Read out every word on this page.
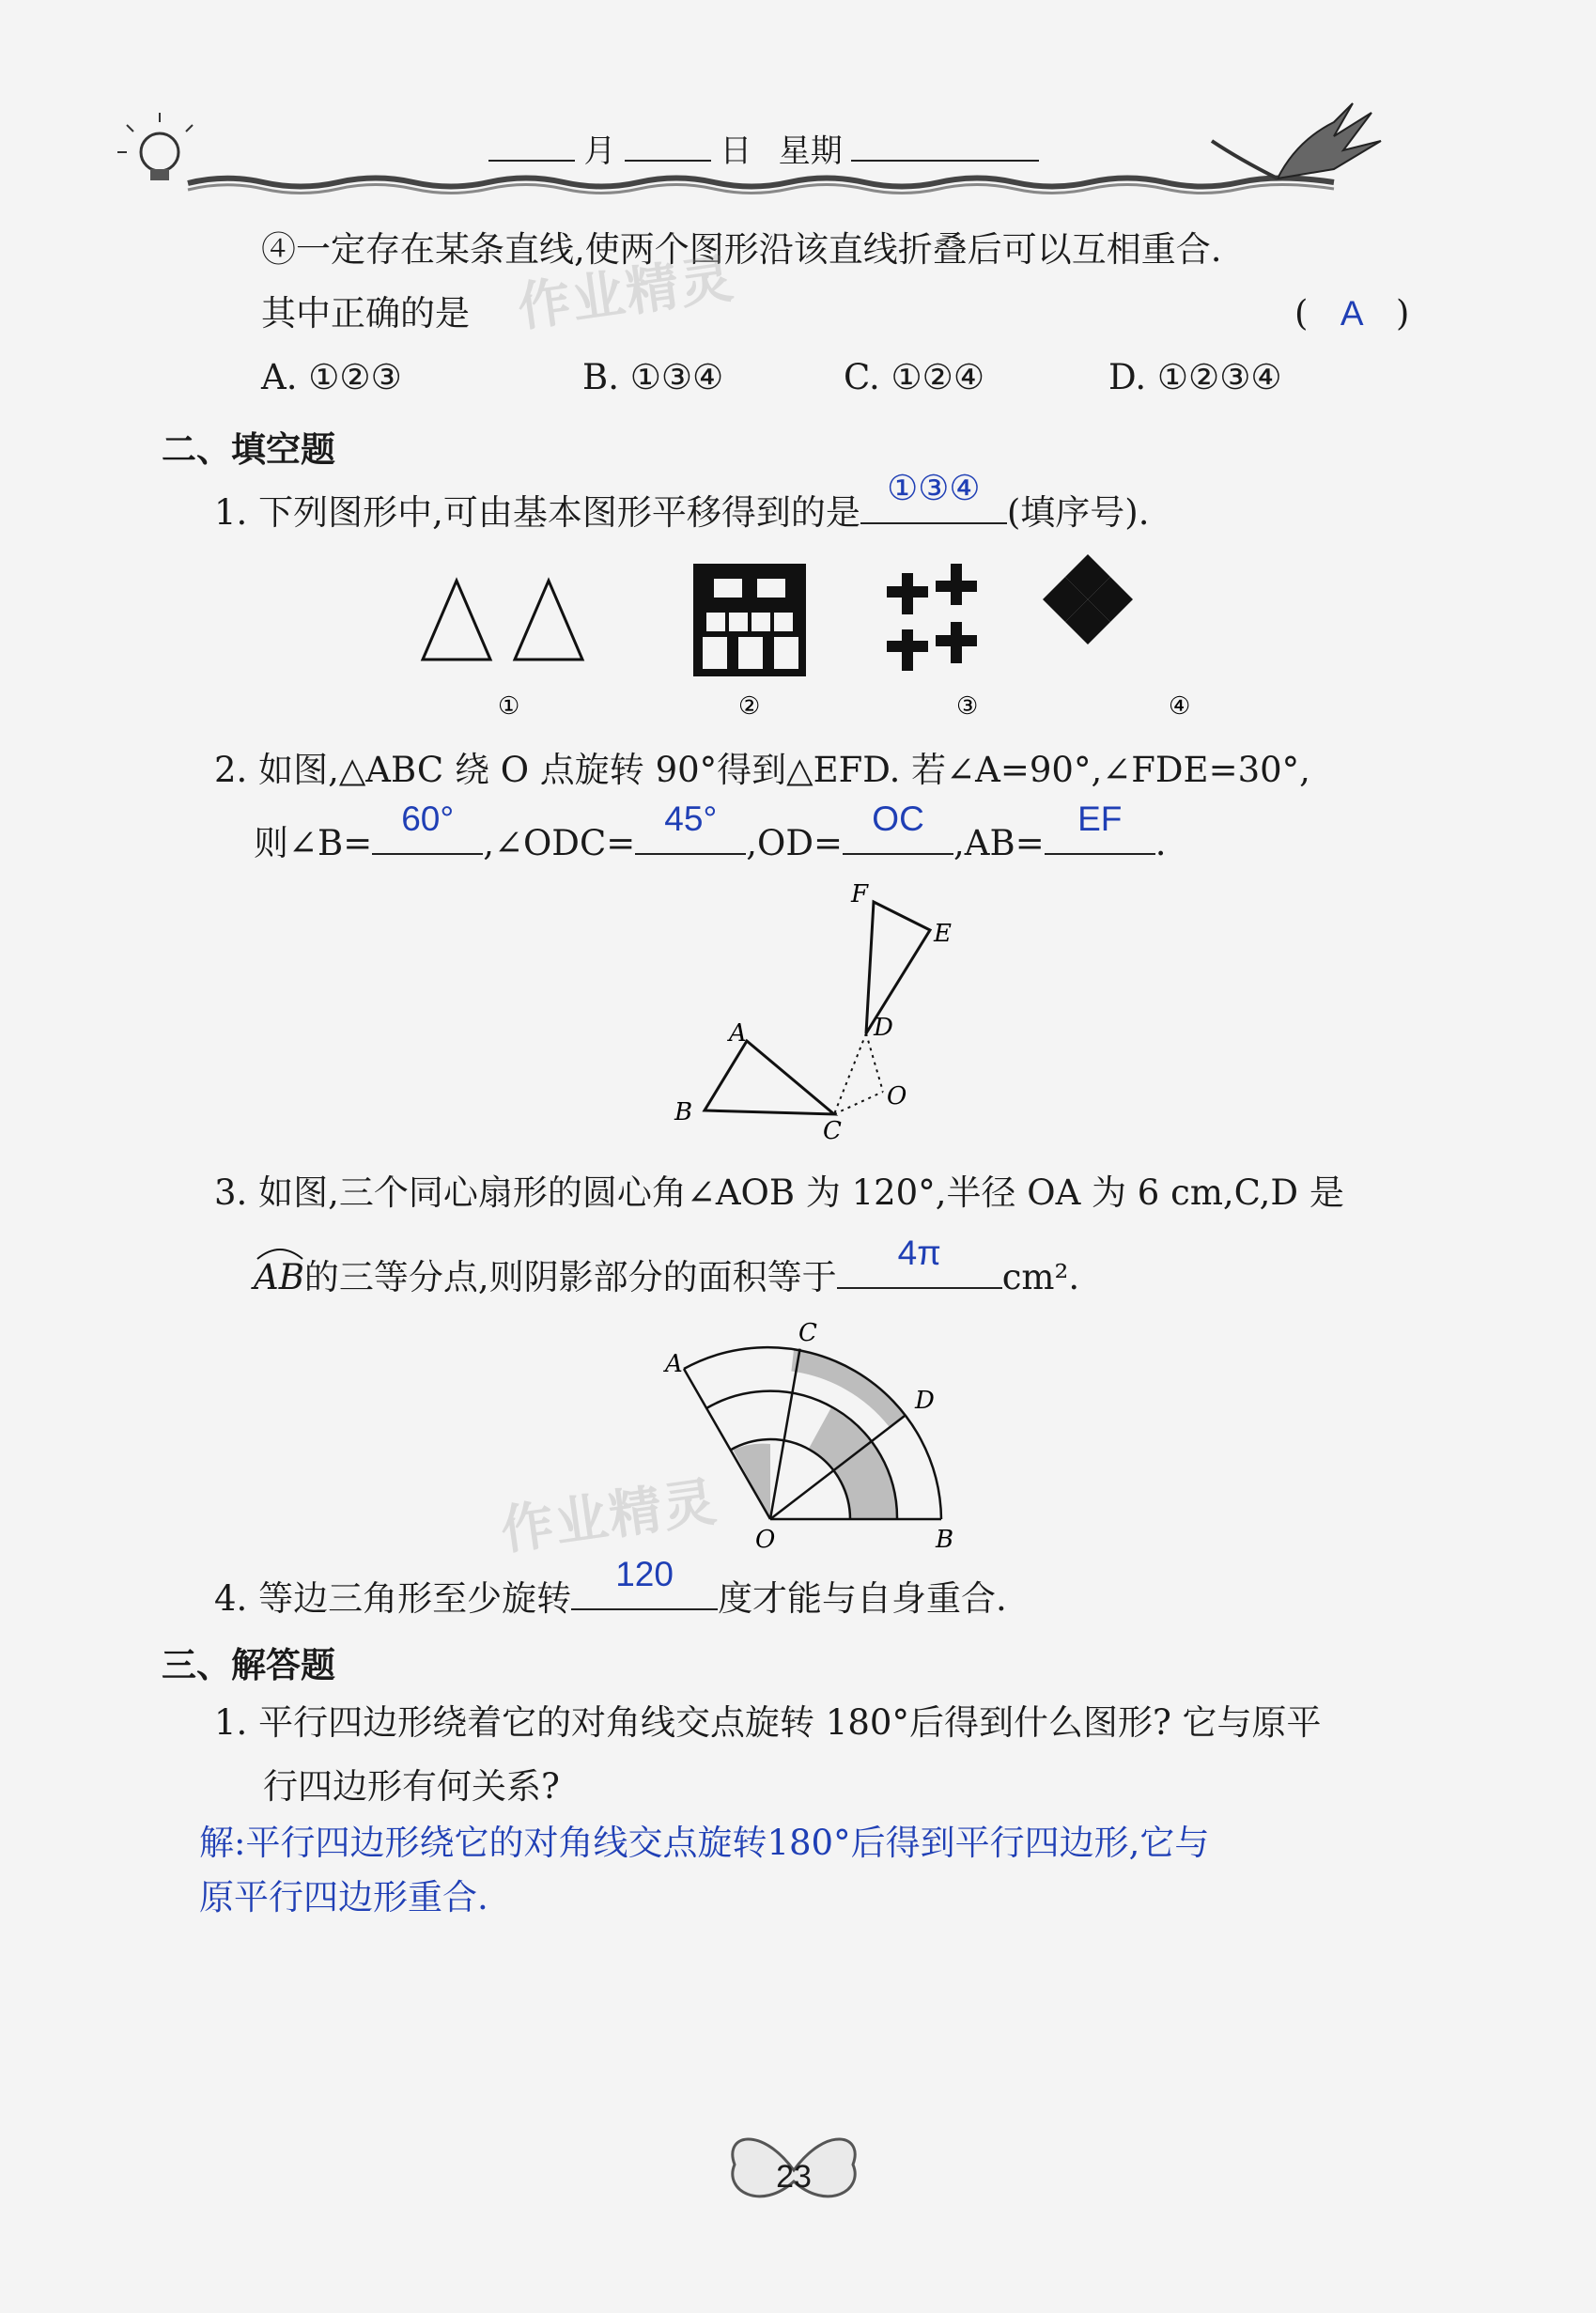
月	日 星期
④一定存在某条直线,使两个图形沿该直线折叠后可以互相重合.
其中正确的是	( A )
A. ①②③	B. ①③④	C. ①②④	D. ①②③④
作业精灵
二、填空题
1. 下列图形中,可由基本图形平移得到的是
①③④
(填序号).
①	②	③	④
2. 如图,△ABC 绕 O 点旋转 90°得到△EFD. 若∠A=90°,∠FDE=30°,
则∠B=
60°
,∠ODC=
45°
,OD=
OC
,AB=
EF
.
F
E
D
A
O
B
C
3. 如图,三个同心扇形的圆心角∠AOB 为 120°,半径 OA 为 6 cm,C,D 是
AB
的三等分点,则阴影部分的面积等于
4π
cm².
A
C
D
O	B
作业精灵
4. 等边三角形至少旋转
120
度才能与自身重合.
三、解答题
1. 平行四边形绕着它的对角线交点旋转 180°后得到什么图形? 它与原平
行四边形有何关系?
解:平行四边形绕它的对角线交点旋转180°后得到平行四边形,它与
原平行四边形重合.
23
